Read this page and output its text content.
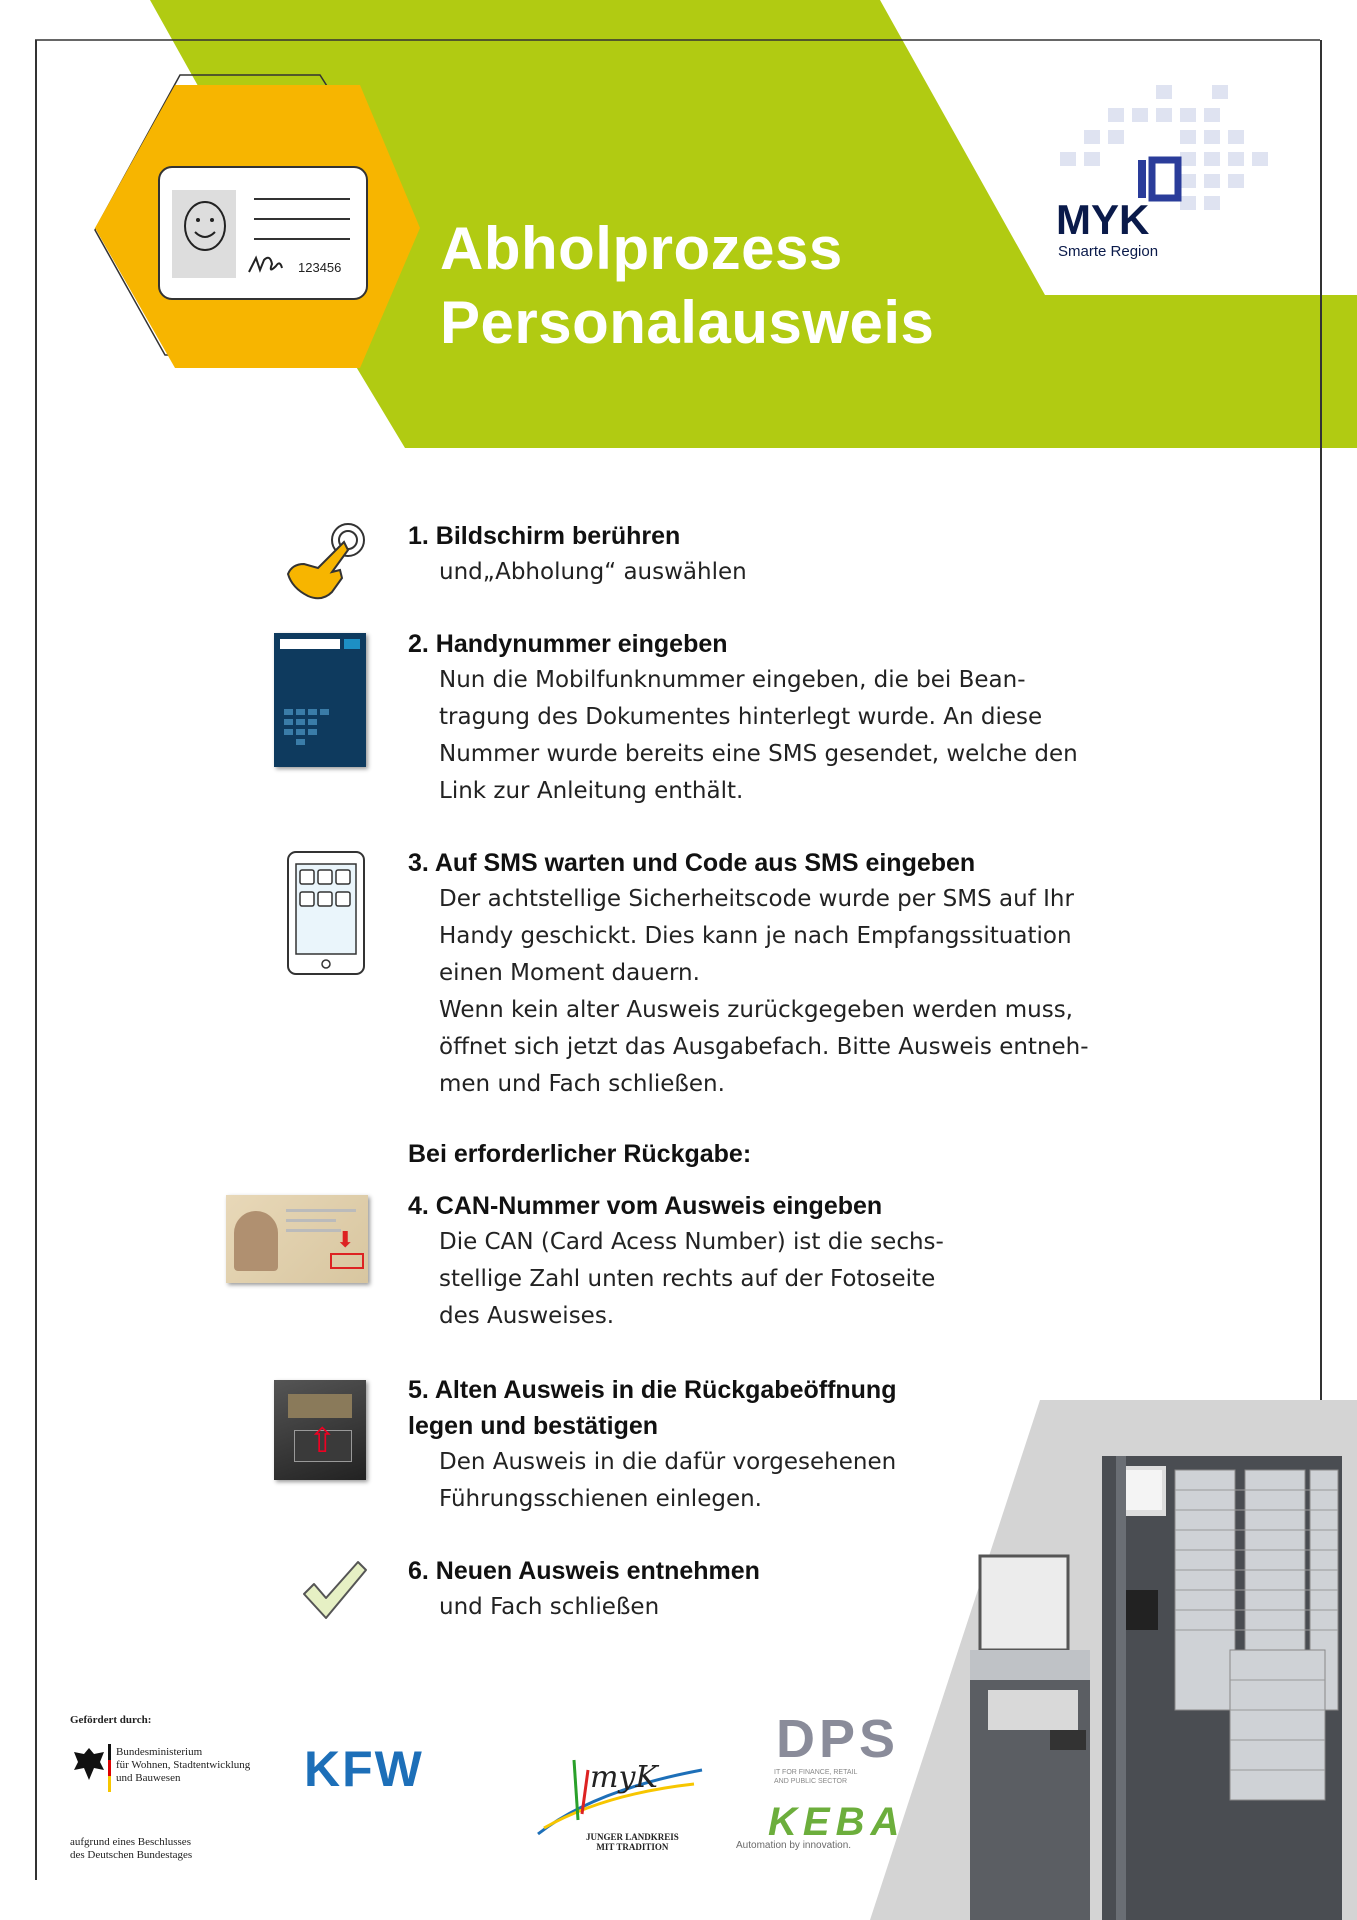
123456 Abholprozess
Personalausweis
MYK
Smarte Region
⬇
⇧
1. Bildschirm berühren
und„Abholung“ auswählen
2. Handynummer eingeben
Nun die Mobilfunknummer eingeben, die bei Bean-
tragung des Dokumentes hinterlegt wurde. An diese
Nummer wurde bereits eine SMS gesendet, welche den
Link zur Anleitung enthält.
3. Auf SMS warten und Code aus SMS eingeben
Der achtstellige Sicherheitscode wurde per SMS auf Ihr
Handy geschickt. Dies kann je nach Empfangssituation
einen Moment dauern.
Wenn kein alter Ausweis zurückgegeben werden muss,
öffnet sich jetzt das Ausgabefach. Bitte Ausweis entneh-
men und Fach schließen.
Bei erforderlicher Rückgabe:
4. CAN-Nummer vom Ausweis eingeben
Die CAN (Card Acess Number) ist die sechs-
stellige Zahl unten rechts auf der Fotoseite
des Ausweises.
5. Alten Ausweis in die Rückgabeöffnung
legen und bestätigen
Den Ausweis in die dafür vorgesehenen
Führungsschienen einlegen.
6. Neuen Ausweis entnehmen
und Fach schließen
Gefördert durch:
Bundesministerium
für Wohnen, Stadtentwicklung
und Bauwesen
aufgrund eines Beschlusses
des Deutschen Bundestages
KFW	myK
JUNGER LANDKREIS
MIT TRADITION
DPS
IT FOR FINANCE, RETAIL
AND PUBLIC SECTOR
KEBA
Automation by innovation.
